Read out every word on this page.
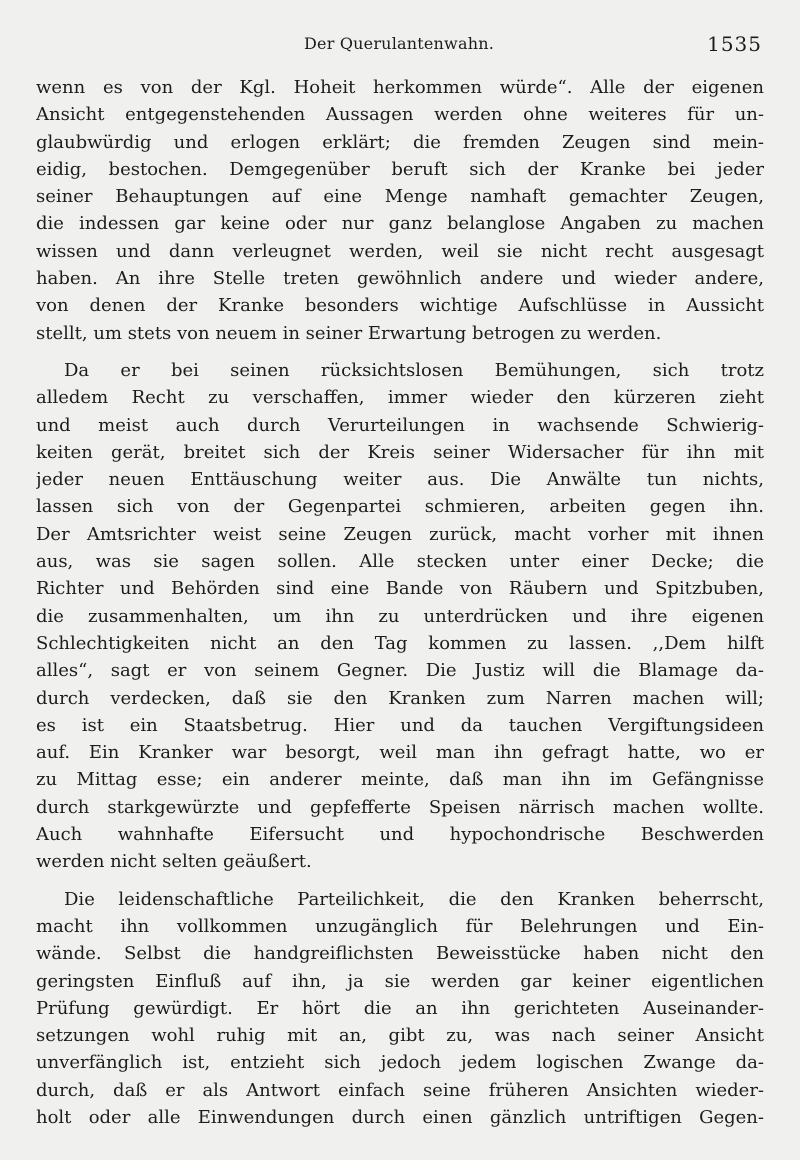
Der Querulantenwahn.	1535

wenn es von der Kgl. Hoheit herkommen würde“. Alle der eigenen
Ansicht entgegenstehenden Aussagen werden ohne weiteres für un-
glaubwürdig und erlogen erklärt; die fremden Zeugen sind mein-
eidig, bestochen. Demgegenüber beruft sich der Kranke bei jeder
seiner Behauptungen auf eine Menge namhaft gemachter Zeugen,
die indessen gar keine oder nur ganz belanglose Angaben zu machen
wissen und dann verleugnet werden, weil sie nicht recht ausgesagt
haben. An ihre Stelle treten gewöhnlich andere und wieder andere,
von denen der Kranke besonders wichtige Aufschlüsse in Aussicht
stellt, um stets von neuem in seiner Erwartung betrogen zu werden.

Da er bei seinen rücksichtslosen Bemühungen, sich trotz
alledem Recht zu verschaffen, immer wieder den kürzeren zieht
und meist auch durch Verurteilungen in wachsende Schwierig-
keiten gerät, breitet sich der Kreis seiner Widersacher für ihn mit
jeder neuen Enttäuschung weiter aus. Die Anwälte tun nichts,
lassen sich von der Gegenpartei schmieren, arbeiten gegen ihn.
Der Amtsrichter weist seine Zeugen zurück, macht vorher mit ihnen
aus, was sie sagen sollen. Alle stecken unter einer Decke; die
Richter und Behörden sind eine Bande von Räubern und Spitzbuben,
die zusammenhalten, um ihn zu unterdrücken und ihre eigenen
Schlechtigkeiten nicht an den Tag kommen zu lassen. ,,Dem hilft
alles“, sagt er von seinem Gegner. Die Justiz will die Blamage da-
durch verdecken, daß sie den Kranken zum Narren machen will;
es ist ein Staatsbetrug. Hier und da tauchen Vergiftungsideen
auf. Ein Kranker war besorgt, weil man ihn gefragt hatte, wo er
zu Mittag esse; ein anderer meinte, daß man ihn im Gefängnisse
durch starkgewürzte und gepfefferte Speisen närrisch machen wollte.
Auch wahnhafte Eifersucht und hypochondrische Beschwerden
werden nicht selten geäußert.

Die leidenschaftliche Parteilichkeit, die den Kranken beherrscht,
macht ihn vollkommen unzugänglich für Belehrungen und Ein-
wände. Selbst die handgreiflichsten Beweisstücke haben nicht den
geringsten Einfluß auf ihn, ja sie werden gar keiner eigentlichen
Prüfung gewürdigt. Er hört die an ihn gerichteten Auseinander-
setzungen wohl ruhig mit an, gibt zu, was nach seiner Ansicht
unverfänglich ist, entzieht sich jedoch jedem logischen Zwange da-
durch, daß er als Antwort einfach seine früheren Ansichten wieder-
holt oder alle Einwendungen durch einen gänzlich untriftigen Gegen-
